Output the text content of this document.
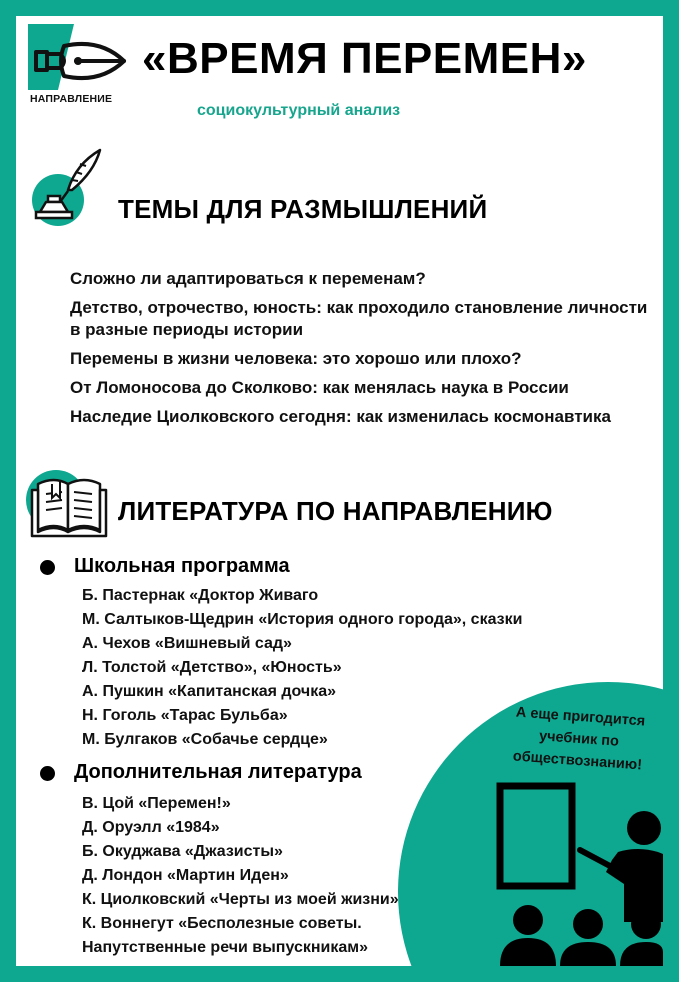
НАПРАВЛЕНИЕ
«ВРЕМЯ ПЕРЕМЕН»
социокультурный анализ
ТЕМЫ ДЛЯ РАЗМЫШЛЕНИЙ
Сложно ли адаптироваться к переменам?
Детство, отрочество, юность: как проходило становление личности в разные периоды истории
Перемены в жизни человека: это хорошо или плохо?
От Ломоносова до Сколково: как менялась наука в России
Наследие Циолковского сегодня: как изменилась космонавтика
ЛИТЕРАТУРА ПО НАПРАВЛЕНИЮ
Школьная программа
Б. Пастернак «Доктор Живаго
М. Салтыков-Щедрин «История одного города», сказки
А. Чехов «Вишневый сад»
Л. Толстой «Детство», «Юность»
А. Пушкин «Капитанская дочка»
Н. Гоголь «Тарас Бульба»
М. Булгаков «Собачье сердце»
Дополнительная литература
В. Цой «Перемен!»
Д. Оруэлл «1984»
Б. Окуджава «Джазисты»
Д. Лондон «Мартин Иден»
К. Циолковский «Черты из моей жизни»
К. Воннегут «Бесполезные советы.
Напутственные речи выпускникам»
А еще пригодится
учебник по
обществознанию!
